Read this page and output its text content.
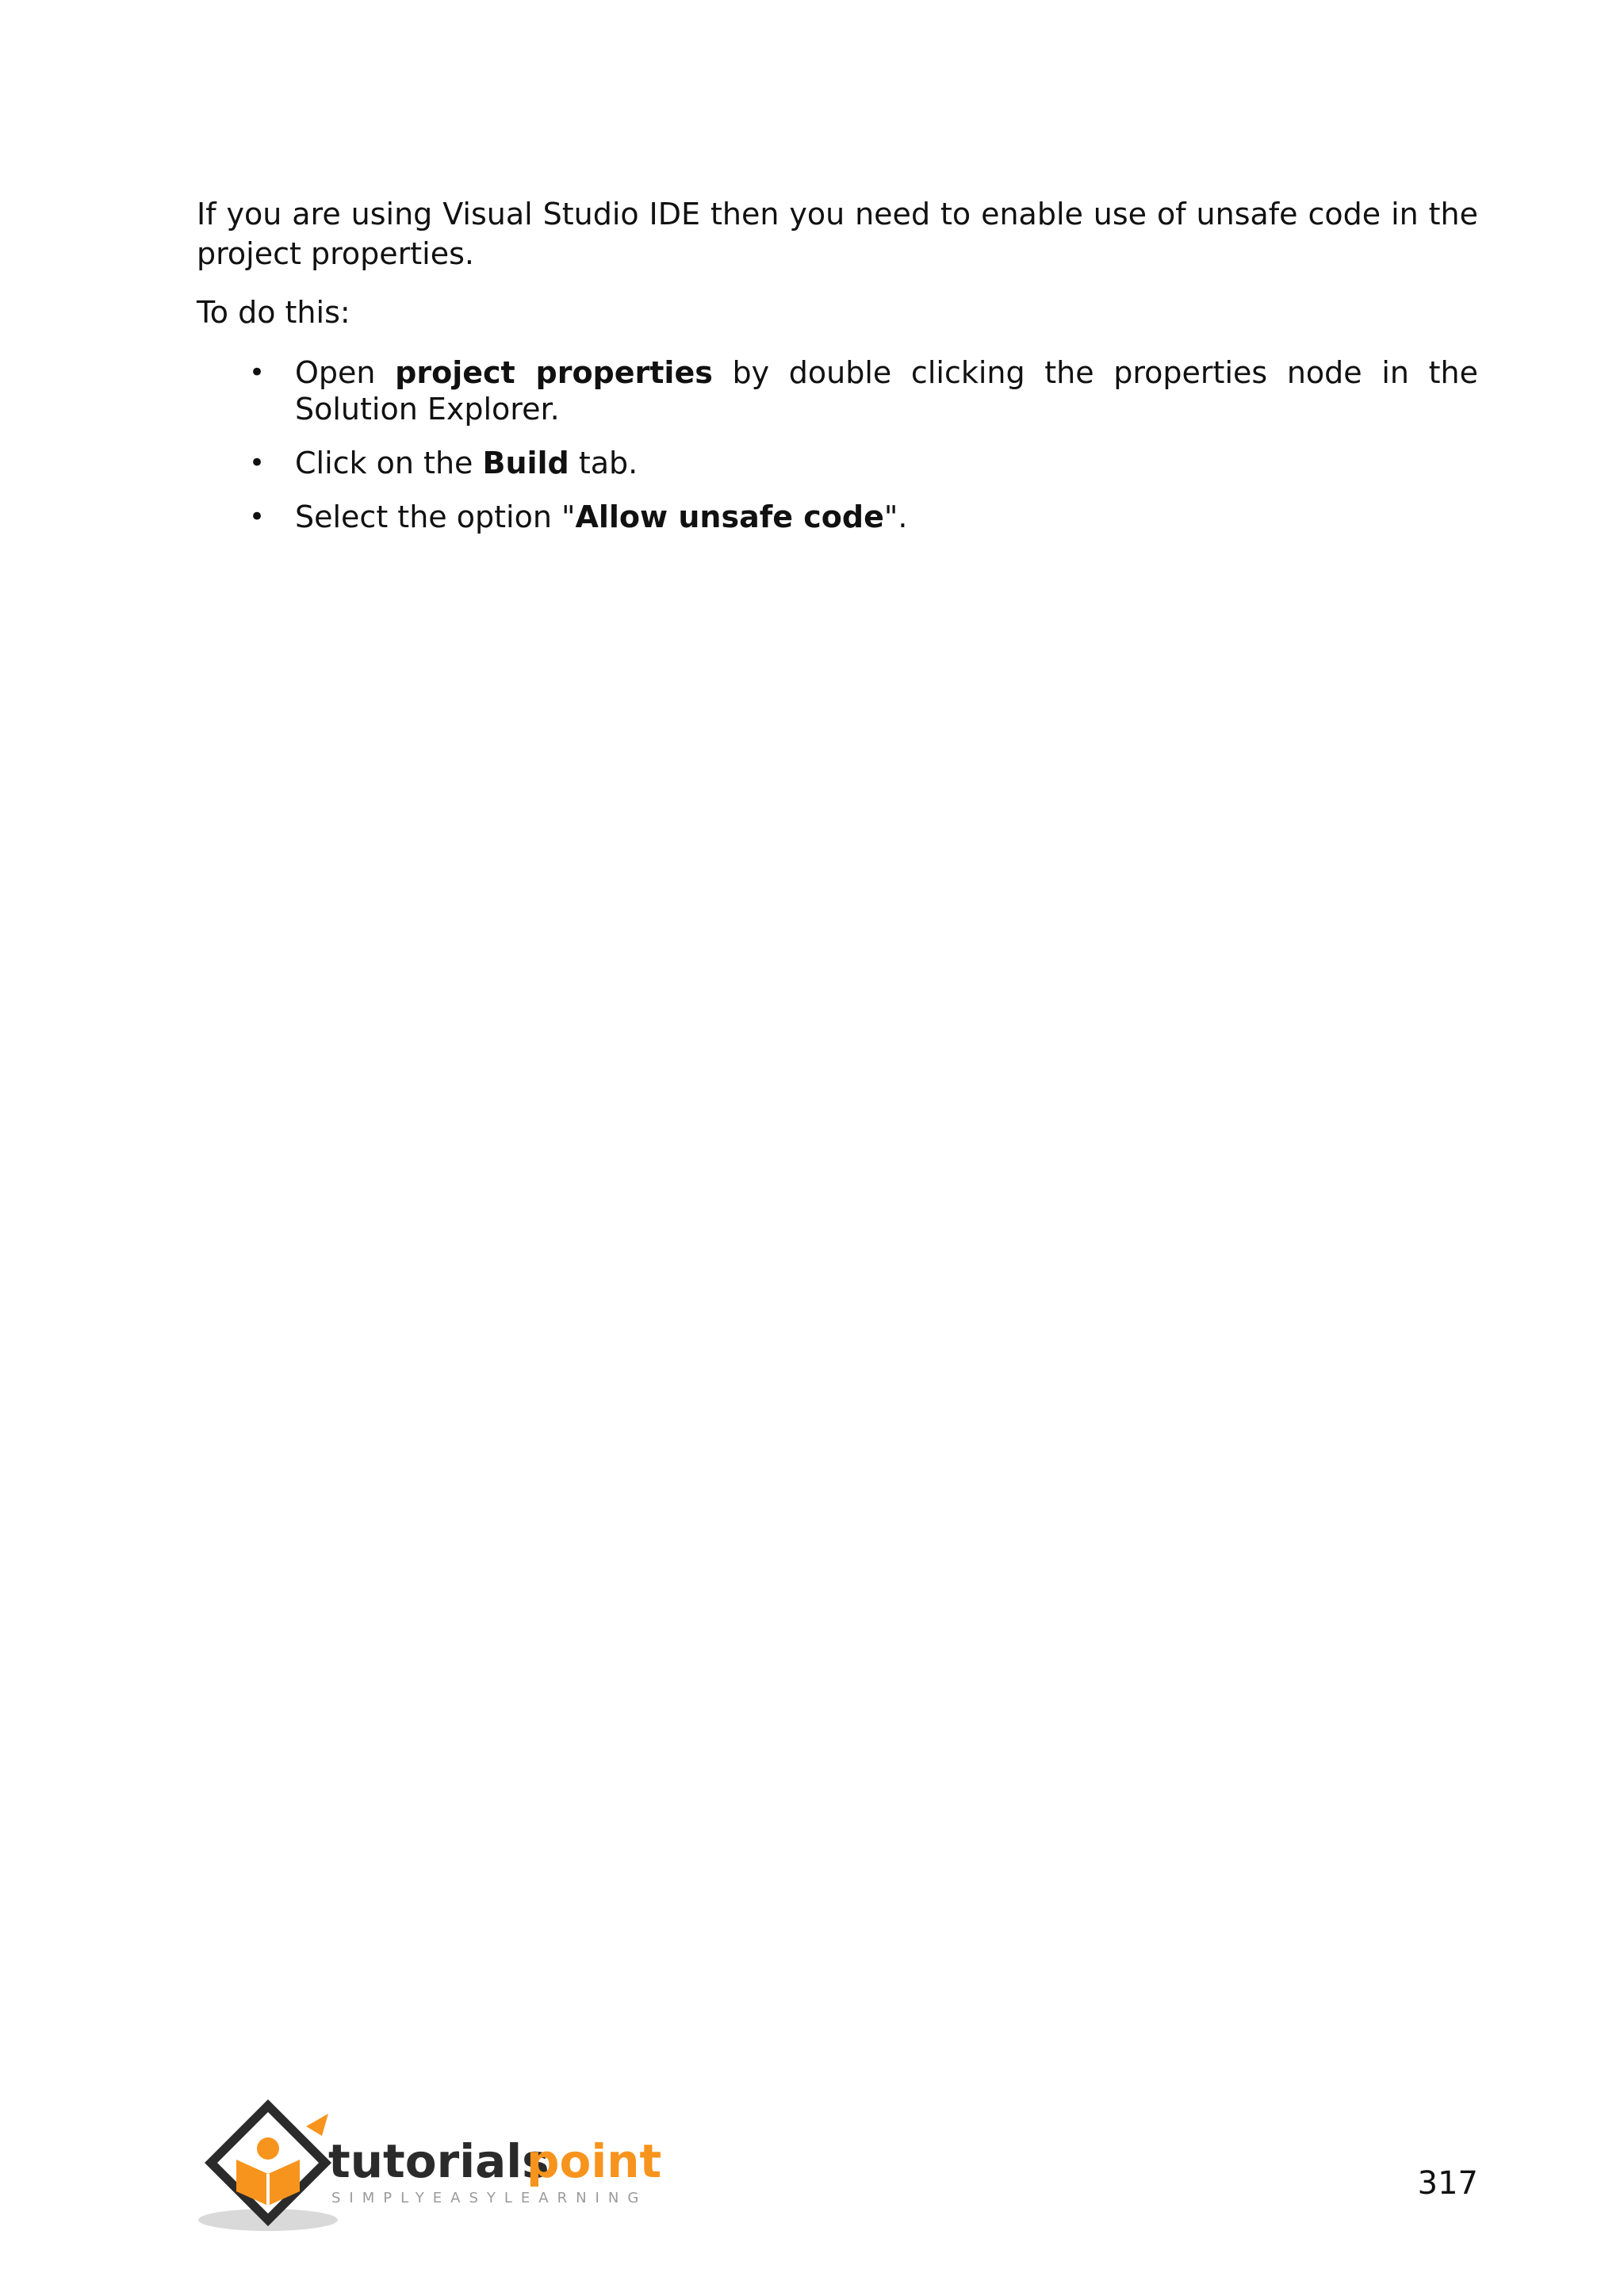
If you are using Visual Studio IDE then you need to enable use of unsafe code in the project properties.

To do this:

• Open project properties by double clicking the properties node in the Solution Explorer.
• Click on the Build tab.
• Select the option "Allow unsafe code".
tutorials
point
SIMPLYEASYLEARNING	317
